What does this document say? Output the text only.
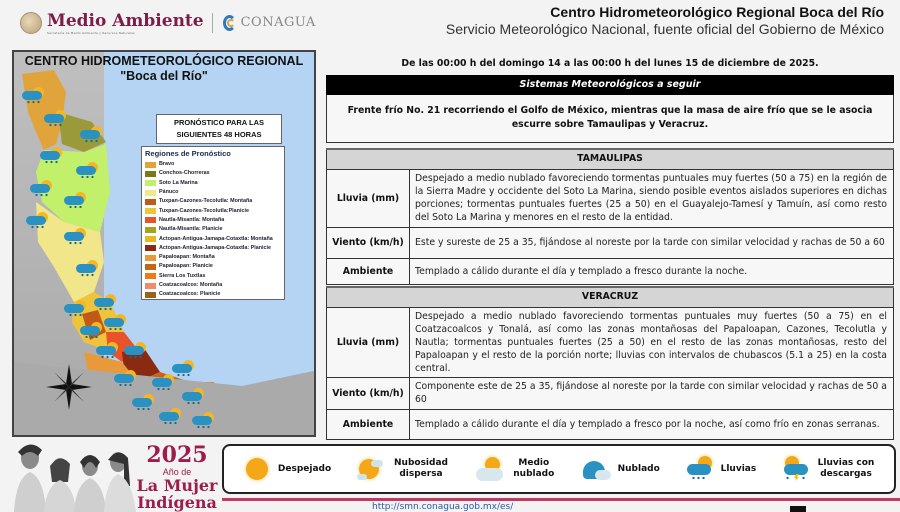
Medio Ambiente
Secretaría de Medio Ambiente y Recursos Naturales
CONAGUA
Centro Hidrometeorológico Regional Boca del Río
Servicio Meteorológico Nacional, fuente oficial del Gobierno de México
CENTRO HIDROMETEOROLÓGICO REGIONAL
"Boca del Río"
PRONÓSTICO PARA LAS
SIGUIENTES 48 HORAS
Regiones de Pronóstico
Bravo
Conchos-Chorreras
Soto La Marina
Pánuco
Tuxpan-Cazones-Tecolutla: Montaña
Tuxpan-Cazones-Tecolutla:Planicie
Nautla-Misantla: Montaña
Nautla-Misantla: Planicie
Actopan-Antigua-Jamapa-Cotaxtla: Montaña
Actopan-Antigua-Jamapa-Cotaxtla: Planicie
Papaloapan: Montaña
Papaloapan: Planicie
Sierra Los Tuxtlas
Coatzacoalcos: Montaña
Coatzacoalcos: Planicie
De las 00:00 h del domingo 14 a las 00:00 h del lunes 15 de diciembre de 2025.
Sistemas Meteorológicos a seguir
Frente frío No. 21 recorriendo el Golfo de México, mientras que la masa de aire frío que se le asocia escurre sobre Tamaulipas y Veracruz.
TAMAULIPAS	
Lluvia (mm)	Despejado a medio nublado favoreciendo tormentas puntuales muy fuertes (50 a 75) en la región de la Sierra Madre y occidente del Soto La Marina, siendo posible eventos aislados superiores en dichas porciones; tormentas puntuales fuertes (25 a 50) en el Guayalejo-Tamesí y Tamuín, así como resto del Soto La Marina y menores en el resto de la entidad.
Viento (km/h)	Este y sureste de 25 a 35, fijándose al noreste por la tarde con similar velocidad y rachas de 50 a 60
Ambiente	Templado a cálido durante el día y templado a fresco durante la noche.
VERACRUZ	
Lluvia (mm)	Despejado a medio nublado favoreciendo tormentas puntuales muy fuertes (50 a 75) en el Coatzacoalcos y Tonalá, así como las zonas montañosas del Papaloapan, Cazones, Tecolutla y Nautla; tormentas puntuales fuertes (25 a 50) en el resto de las zonas montañosas, resto del Papaloapan y el resto de la porción norte; lluvias con intervalos de chubascos (5.1 a 25) en la costa central.
Viento (km/h)	Componente este de 25 a 35, fijándose al noreste por la tarde con similar velocidad y rachas de 50 a 60
Ambiente	Templado a cálido durante el día y templado a fresco por la noche, así como frío en zonas serranas.
Despejado
Nubosidad dispersa
Medio nublado
Nublado	Lluvias
Lluvias con descargas
2025
Año de
La Mujer
Indígena	http://smn.conagua.gob.mx/es/
